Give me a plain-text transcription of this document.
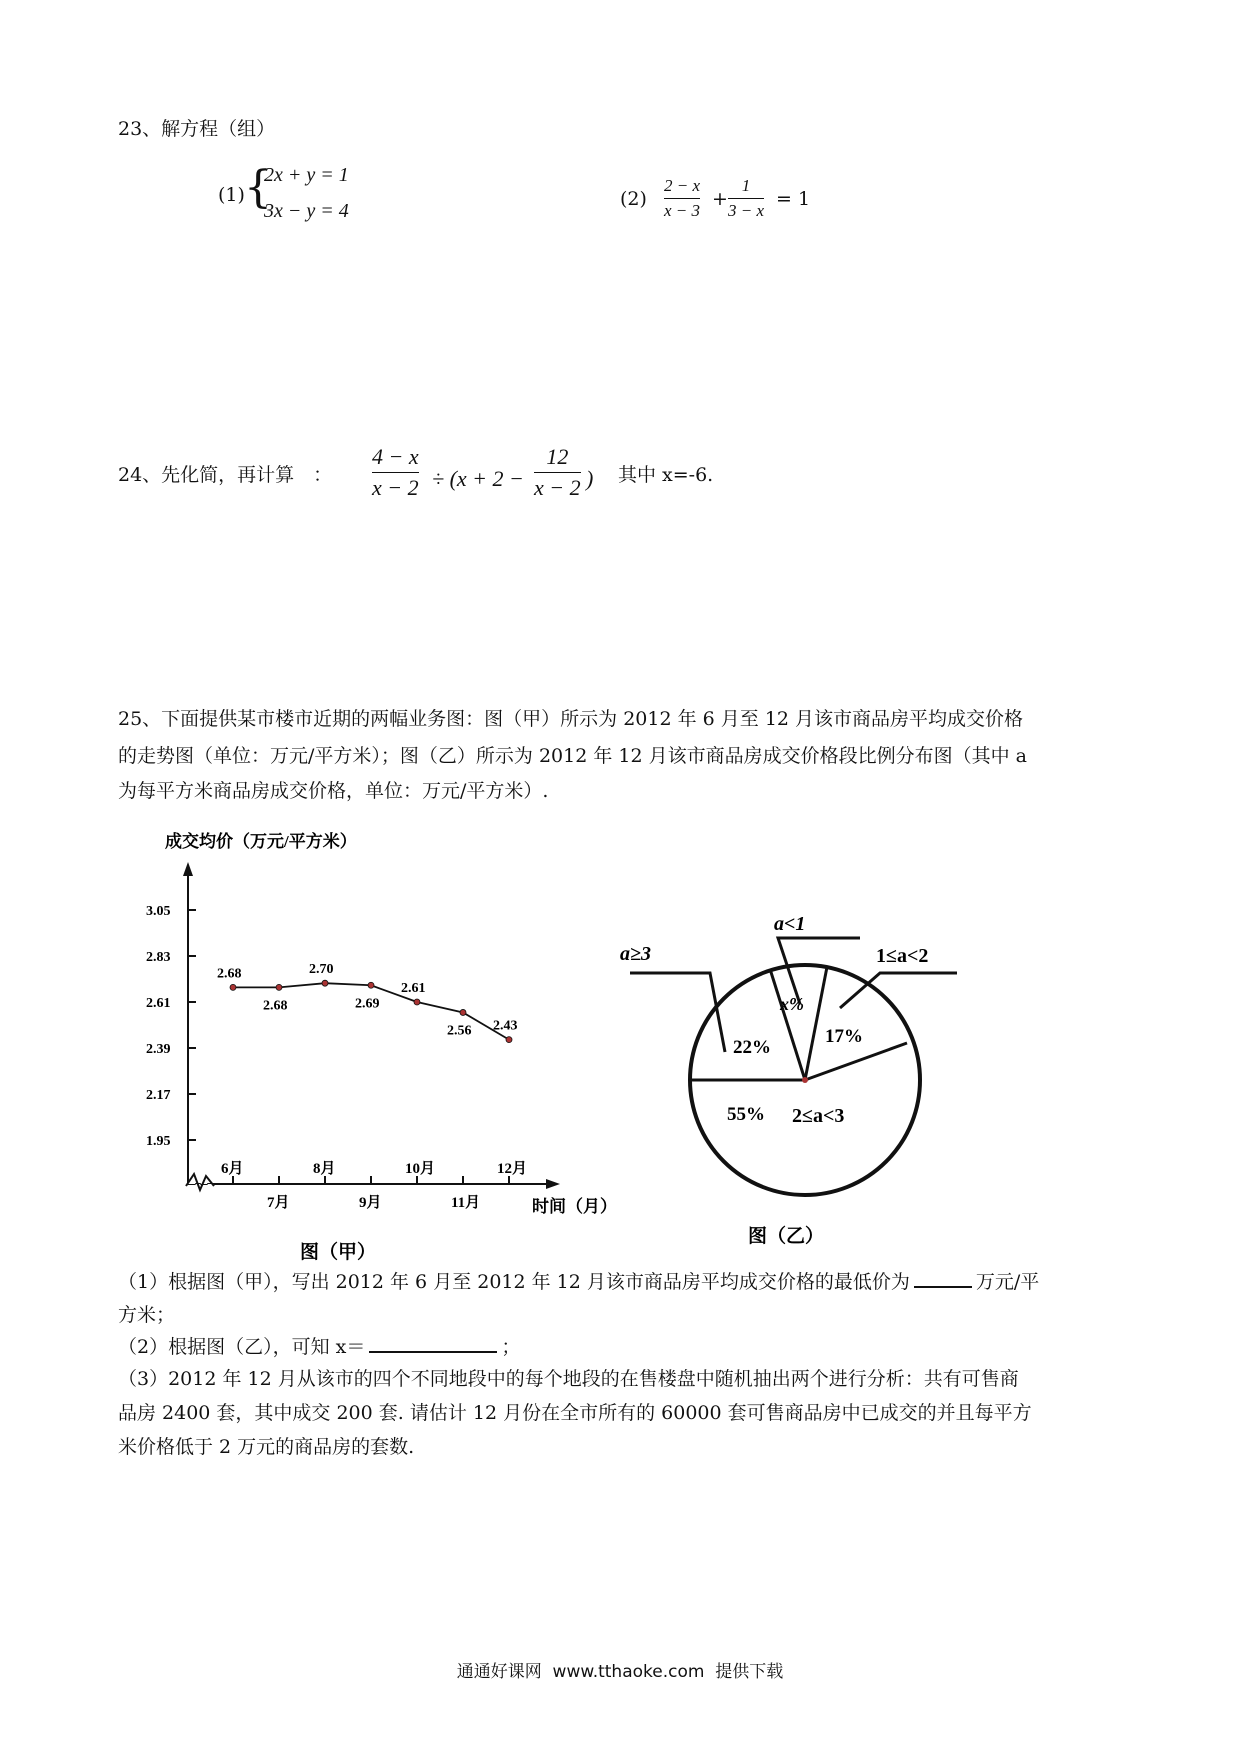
23、解方程（组）
(1) {
2x + y = 1
3x − y = 4
(2)
2 − x
x − 3
+
1
3 − x
= 1
24、先化简，再计算　：
4 − x
x − 2 ÷ (x + 2 −
12
x − 2 ) 其中 x=-6.
25、下面提供某市楼市近期的两幅业务图：图（甲）所示为 2012 年 6 月至 12 月该市商品房平均成交价格
的走势图（单位：万元/平方米）；图（乙）所示为 2012 年 12 月该市商品房成交价格段比例分布图（其中 a
为每平方米商品房成交价格，单位：万元/平方米）.
成交均价（万元/平方米）
1.95
2.17
2.39
2.61
2.83
3.05
6月
7月
8月
9月
10月
11月
12月
2.68
2.68
2.70
2.69
2.61
2.56 2.43
时间（月）
图（甲）
a≥3
a<1
1≤a<2
2≤a<3
22%
x%
17%
55%
图（乙）
（1）根据图（甲），写出 2012 年 6 月至 2012 年 12 月该市商品房平均成交价格的最低价为	万元/平
方米；
（2）根据图（乙），可知 x＝	；
（3）2012 年 12 月从该市的四个不同地段中的每个地段的在售楼盘中随机抽出两个进行分析：共有可售商
品房 2400 套，其中成交 200 套. 请估计 12 月份在全市所有的 60000 套可售商品房中已成交的并且每平方
米价格低于 2 万元的商品房的套数.
通通好课网  www.tthaoke.com  提供下载
